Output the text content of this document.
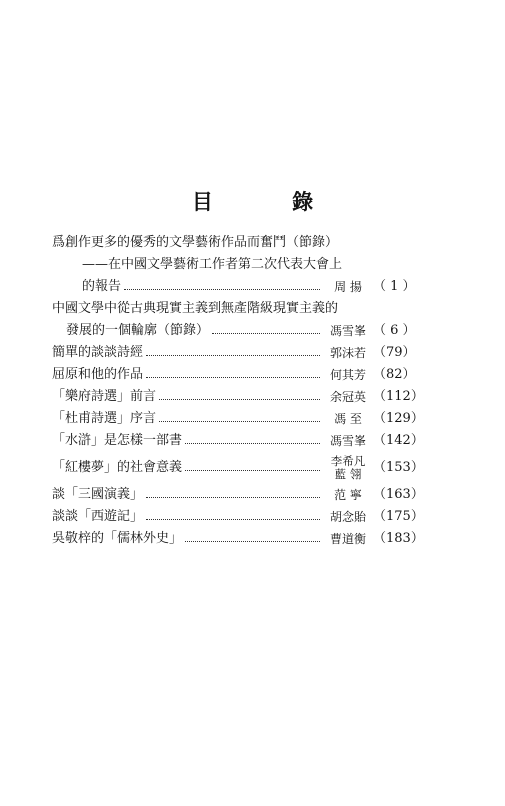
目 錄
爲創作更多的優秀的文學藝術作品而奮鬥（節錄）
——在中國文學藝術工作者第二次代表大會上
的報告	周 揚 （ 1 ）
中國文學中從古典現實主義到無產階級現實主義的
發展的一個輪廓（節錄）	馮雪峯 （ 6 ）
簡單的談談詩經	郭沫若 （79）
屈原和他的作品	何其芳 （82）
「樂府詩選」前言	余冠英 （112）
「杜甫詩選」序言	馮 至 （129）
「水滸」是怎樣一部書	馮雪峯 （142）
「紅樓夢」的社會意義	李希凡
藍 翎 （153）
談「三國演義」	范 寧 （163）
談談「西遊記」	胡念貽 （175）
吳敬梓的「儒林外史」	曹道衡 （183）
